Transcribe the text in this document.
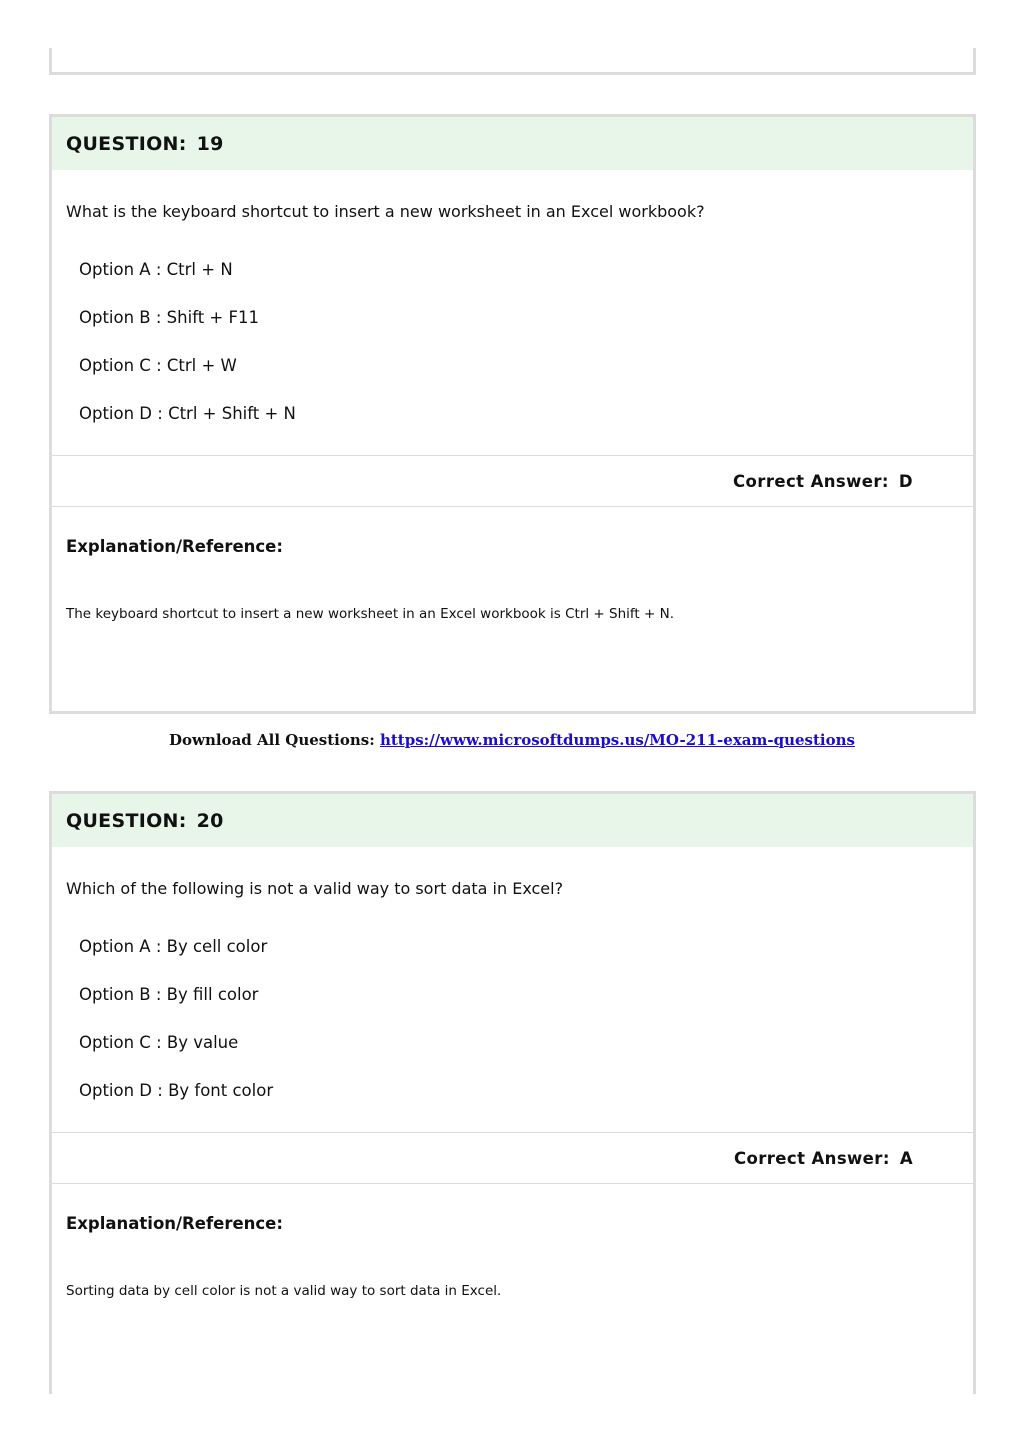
QUESTION: 19

What is the keyboard shortcut to insert a new worksheet in an Excel workbook?

Option A : Ctrl + N
Option B : Shift + F11
Option C : Ctrl + W
Option D : Ctrl + Shift + N
Correct Answer: D

Explanation/Reference:

The keyboard shortcut to insert a new worksheet in an Excel workbook is Ctrl + Shift + N.

Download All Questions: https://www.microsoftdumps.us/MO-211-exam-questions
QUESTION: 20

Which of the following is not a valid way to sort data in Excel?

Option A : By cell color
Option B : By fill color
Option C : By value
Option D : By font color
Correct Answer: A

Explanation/Reference:

Sorting data by cell color is not a valid way to sort data in Excel.
